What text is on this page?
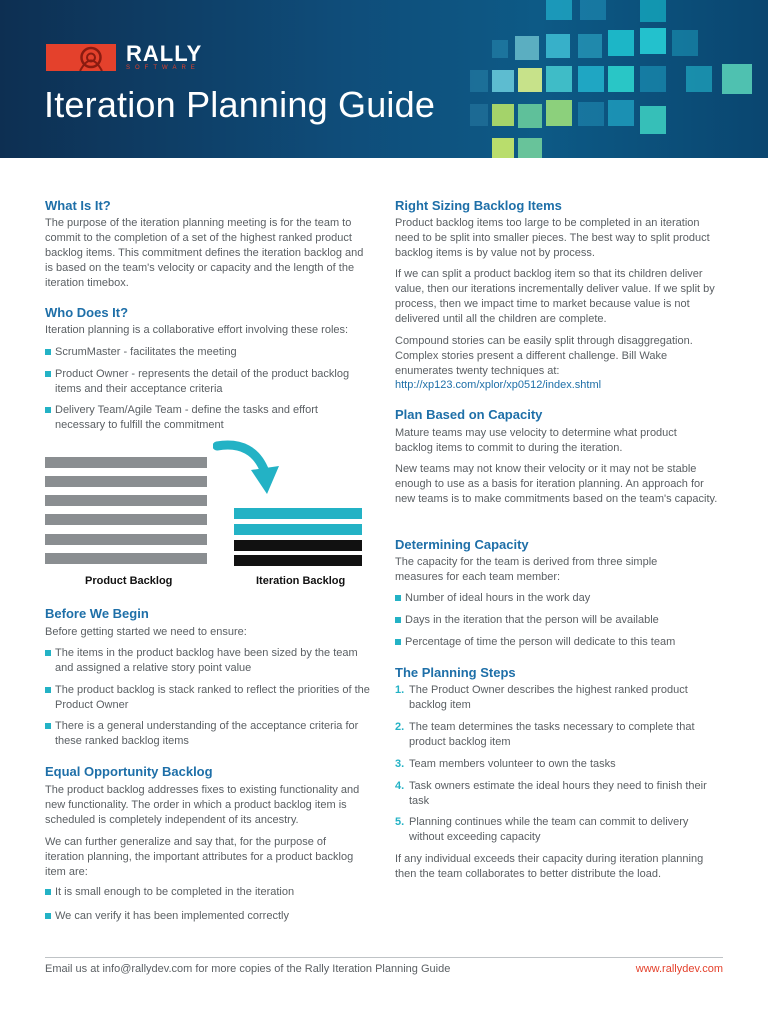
RALLY
SOFTWARE
Iteration Planning Guide
What Is It?

The purpose of the iteration planning meeting is for the team to commit to the completion of a set of the highest ranked product backlog items. This commitment defines the iteration backlog and is based on the team's velocity or capacity and the length of the iteration timebox.

Who Does It?

Iteration planning is a collaborative effort involving these roles:

ScrumMaster - facilitates the meeting
Product Owner - represents the detail of the product backlog items and their acceptance criteria
Delivery Team/Agile Team - define the tasks and effort necessary to fulfill the commitment
Product Backlog	Iteration Backlog
Before We Begin

Before getting started we need to ensure:

The items in the product backlog have been sized by the team and assigned a relative story point value
The product backlog is stack ranked to reflect the priorities of the Product Owner
There is a general understanding of the acceptance criteria for these ranked backlog items
Equal Opportunity Backlog

The product backlog addresses fixes to existing functionality and new functionality. The order in which a product backlog item is scheduled is completely independent of its ancestry.

We can further generalize and say that, for the purpose of iteration planning, the important attributes for a product backlog item are:

It is small enough to be completed in the iteration
We can verify it has been implemented correctly
Right Sizing Backlog Items

Product backlog items too large to be completed in an iteration need to be split into smaller pieces. The best way to split product backlog items is by value not by process.

If we can split a product backlog item so that its children deliver value, then our iterations incrementally deliver value. If we split by process, then we impact time to market because value is not delivered until all the children are complete.

Compound stories can be easily split through disaggregation. Complex stories present a different challenge. Bill Wake enumerates twenty techniques at:

http://xp123.com/xplor/xp0512/index.shtml
Plan Based on Capacity

Mature teams may use velocity to determine what product backlog items to commit to during the iteration.

New teams may not know their velocity or it may not be stable enough to use as a basis for iteration planning. An approach for new teams is to make commitments based on the team's capacity.

Determining Capacity

The capacity for the team is derived from three simple measures for each team member:

Number of ideal hours in the work day
Days in the iteration that the person will be available
Percentage of time the person will dedicate to this team
The Planning Steps
1. The Product Owner describes the highest ranked product backlog item
2. The team determines the tasks necessary to complete that product backlog item
3. Team members volunteer to own the tasks
4. Task owners estimate the ideal hours they need to finish their task
5. Planning continues while the team can commit to delivery without exceeding capacity

If any individual exceeds their capacity during iteration planning then the team collaborates to better distribute the load.

Email us at info@rallydev.com for more copies of the Rally Iteration Planning Guide	www.rallydev.com
